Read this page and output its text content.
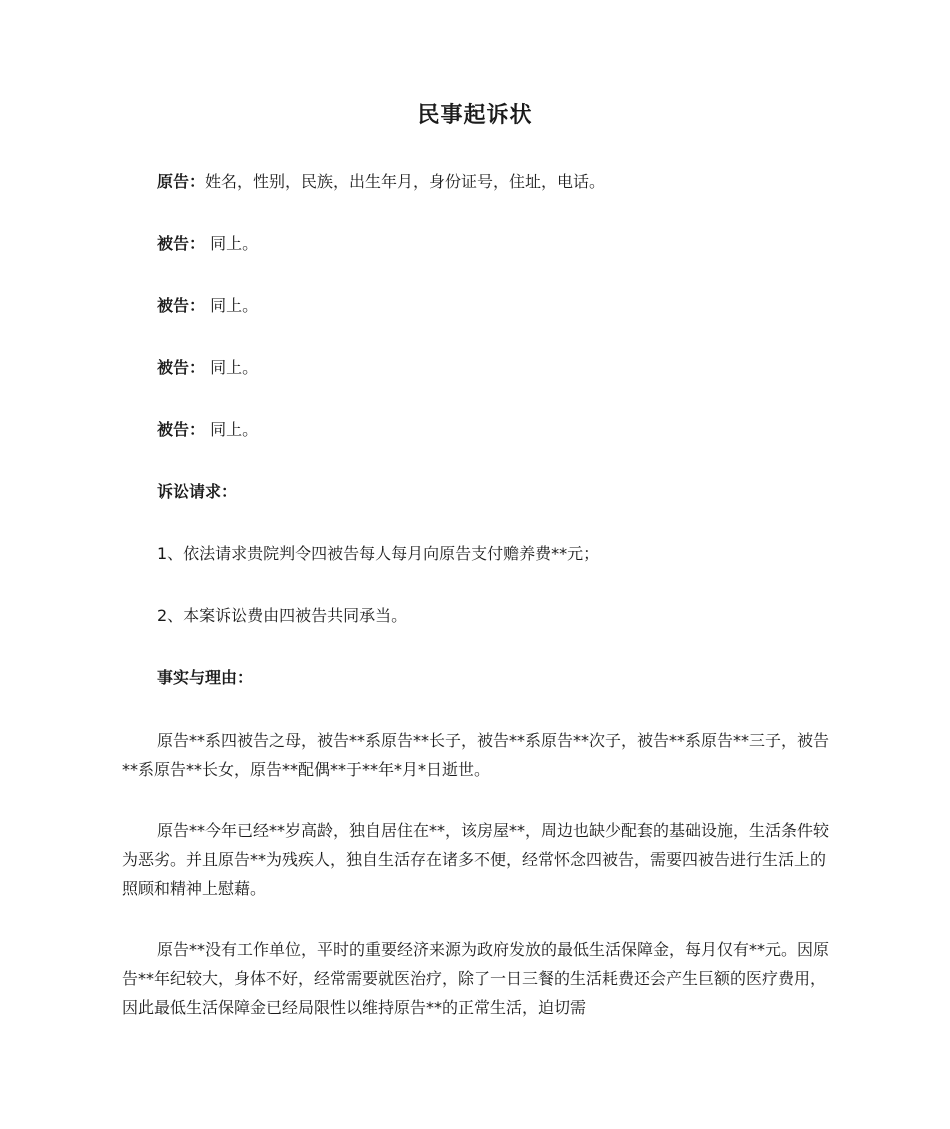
民事起诉状
原告：姓名，性别，民族，出生年月，身份证号，住址，电话。
被告： 同上。
被告： 同上。
被告： 同上。
被告： 同上。
诉讼请求：
1、依法请求贵院判令四被告每人每月向原告支付赡养费**元；
2、本案诉讼费由四被告共同承当。
事实与理由：
原告**系四被告之母，被告**系原告**长子，被告**系原告**次子，被告**系原告**三子，被告**系原告**长女，原告**配偶**于**年*月*日逝世。
原告**今年已经**岁高龄，独自居住在**，该房屋**，周边也缺少配套的基础设施，生活条件较为恶劣。并且原告**为残疾人，独自生活存在诸多不便，经常怀念四被告，需要四被告进行生活上的照顾和精神上慰藉。
原告**没有工作单位，平时的重要经济来源为政府发放的最低生活保障金，每月仅有**元。因原告**年纪较大，身体不好，经常需要就医治疗，除了一日三餐的生活耗费还会产生巨额的医疗费用，因此最低生活保障金已经局限性以维持原告**的正常生活，迫切需
